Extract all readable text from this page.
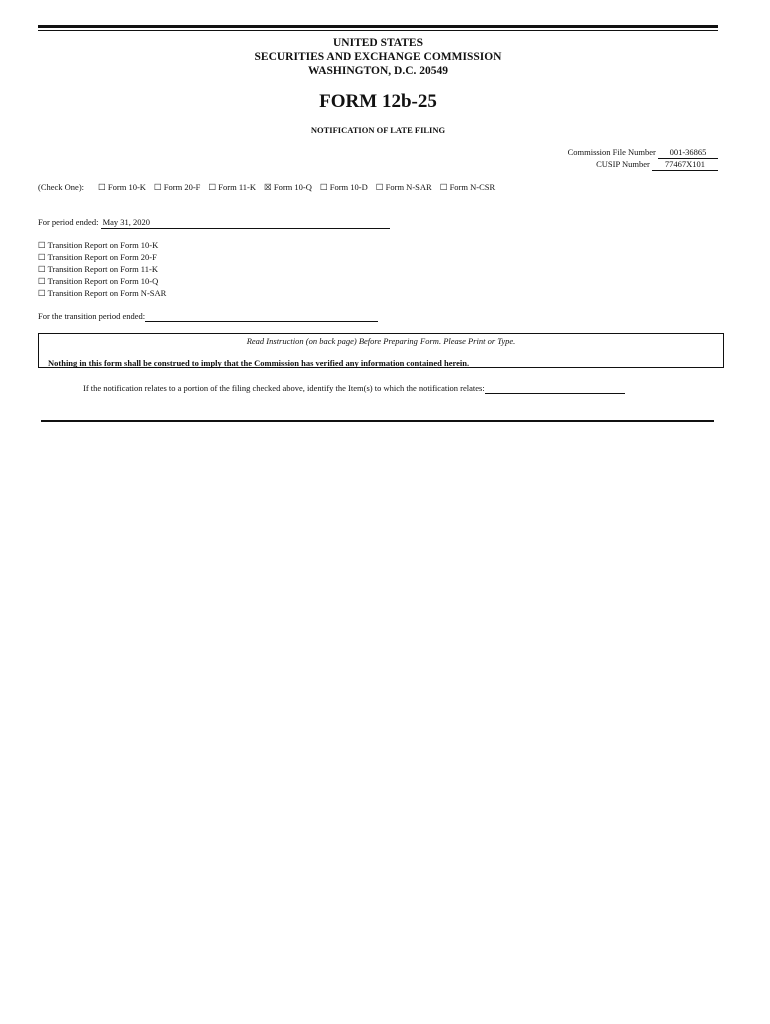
UNITED STATES
SECURITIES AND EXCHANGE COMMISSION
WASHINGTON, D.C. 20549
FORM 12b-25
NOTIFICATION OF LATE FILING
Commission File Number 001-36865
CUSIP Number 77467X101
(Check One): ☐ Form 10-K ☐ Form 20-F ☐ Form 11-K ☒ Form 10-Q ☐ Form 10-D ☐ Form N-SAR ☐ Form N-CSR
For period ended: May 31, 2020
☐ Transition Report on Form 10-K
☐ Transition Report on Form 20-F
☐ Transition Report on Form 11-K
☐ Transition Report on Form 10-Q
☐ Transition Report on Form N-SAR
For the transition period ended:
Read Instruction (on back page) Before Preparing Form. Please Print or Type.
Nothing in this form shall be construed to imply that the Commission has verified any information contained herein.
If the notification relates to a portion of the filing checked above, identify the Item(s) to which the notification relates:
